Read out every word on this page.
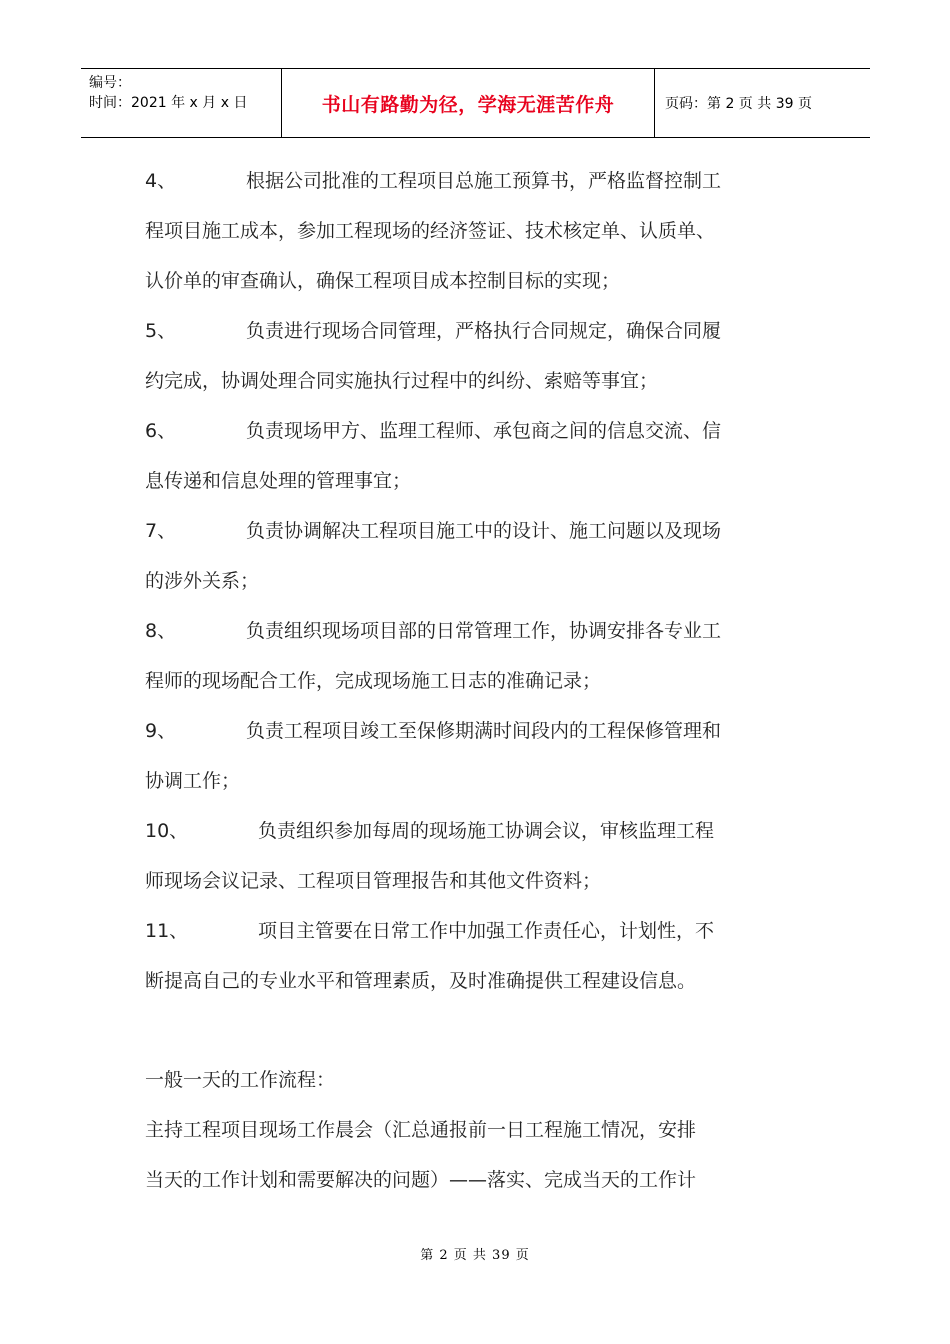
编号：
时间：2021 年 x 月 x 日	书山有路勤为径，学海无涯苦作舟	页码：第 2 页 共 39 页
4、	根据公司批准的工程项目总施工预算书，严格监督控制工
程项目施工成本，参加工程现场的经济签证、技术核定单、认质单、
认价单的审查确认，确保工程项目成本控制目标的实现；
5、	负责进行现场合同管理，严格执行合同规定，确保合同履
约完成，协调处理合同实施执行过程中的纠纷、索赔等事宜；
6、	负责现场甲方、监理工程师、承包商之间的信息交流、信
息传递和信息处理的管理事宜；
7、	负责协调解决工程项目施工中的设计、施工问题以及现场
的涉外关系；
8、	负责组织现场项目部的日常管理工作，协调安排各专业工
程师的现场配合工作，完成现场施工日志的准确记录；
9、	负责工程项目竣工至保修期满时间段内的工程保修管理和
协调工作；
10、	负责组织参加每周的现场施工协调会议，审核监理工程
师现场会议记录、工程项目管理报告和其他文件资料；
11、	项目主管要在日常工作中加强工作责任心，计划性，不
断提高自己的专业水平和管理素质，及时准确提供工程建设信息。
一般一天的工作流程：
主持工程项目现场工作晨会（汇总通报前一日工程施工情况，安排
当天的工作计划和需要解决的问题）——落实、完成当天的工作计
第 2 页 共 39 页
